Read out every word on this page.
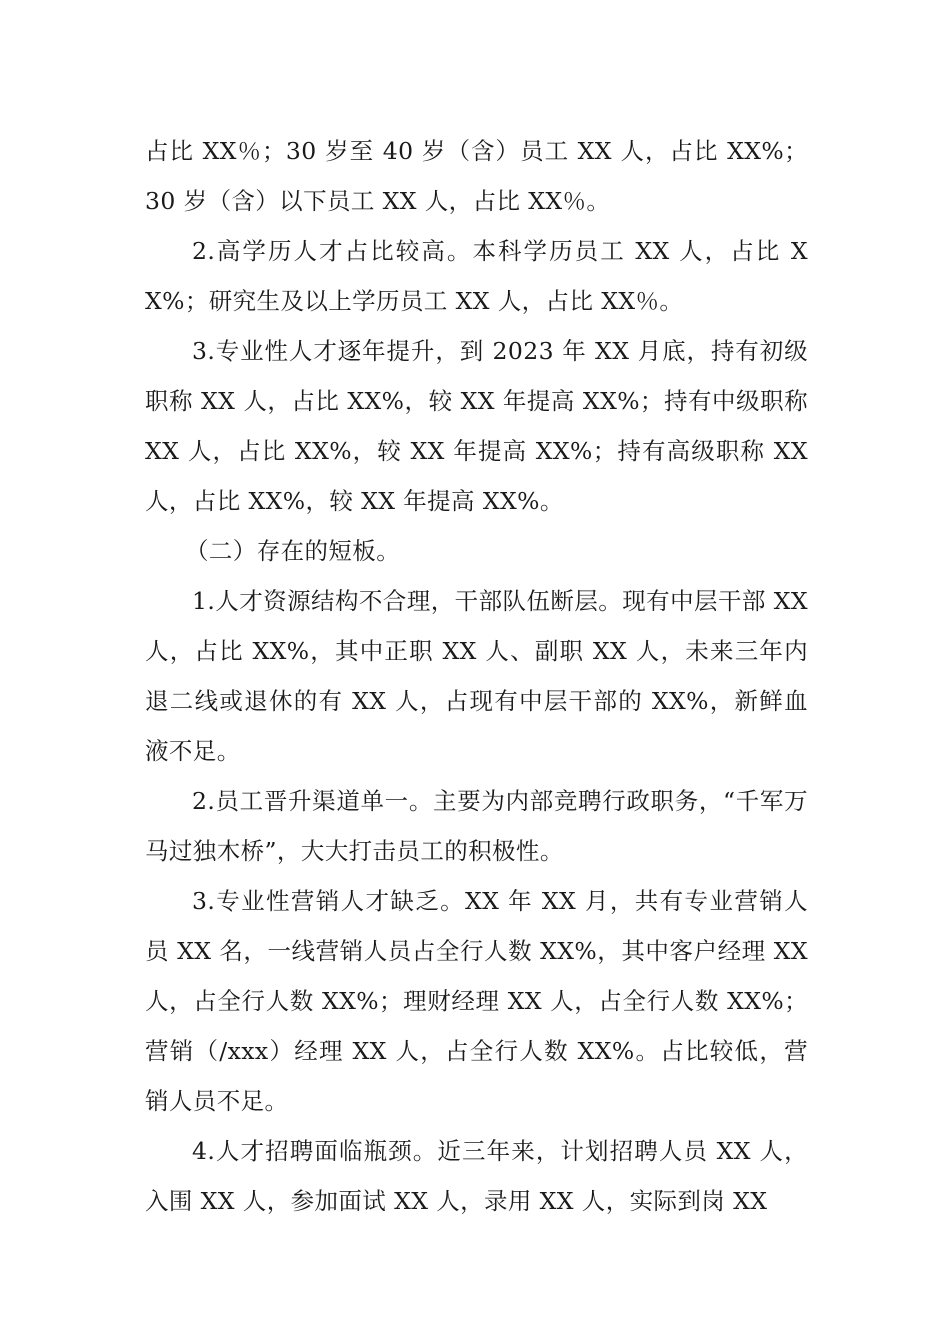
占比 XX％；30 岁至 40 岁（含）员工 XX 人，占比 XX%；30 岁（含）以下员工 XX 人，占比 XX％。

2.高学历人才占比较高。本科学历员工 XX 人，占比 XX%；研究生及以上学历员工 XX 人，占比 XX％。

3.专业性人才逐年提升，到 2023 年 XX 月底，持有初级职称 XX 人，占比 XX%，较 XX 年提高 XX%；持有中级职称 XX 人，占比 XX%，较 XX 年提高 XX%；持有高级职称 XX 人，占比 XX%，较 XX 年提高 XX%。

（二）存在的短板。

1.人才资源结构不合理，干部队伍断层。现有中层干部 XX 人，占比 XX%，其中正职 XX 人、副职 XX 人，未来三年内退二线或退休的有 XX 人，占现有中层干部的 XX%，新鲜血液不足。

2.员工晋升渠道单一。主要为内部竞聘行政职务，“千军万马过独木桥”，大大打击员工的积极性。

3.专业性营销人才缺乏。XX 年 XX 月，共有专业营销人员 XX 名，一线营销人员占全行人数 XX%，其中客户经理 XX 人，占全行人数 XX%；理财经理 XX 人，占全行人数 XX%；营销（/xxx）经理 XX 人，占全行人数 XX%。占比较低，营销人员不足。

4.人才招聘面临瓶颈。近三年来，计划招聘人员 XX 人，入围 XX 人，参加面试 XX 人，录用 XX 人，实际到岗 XX
